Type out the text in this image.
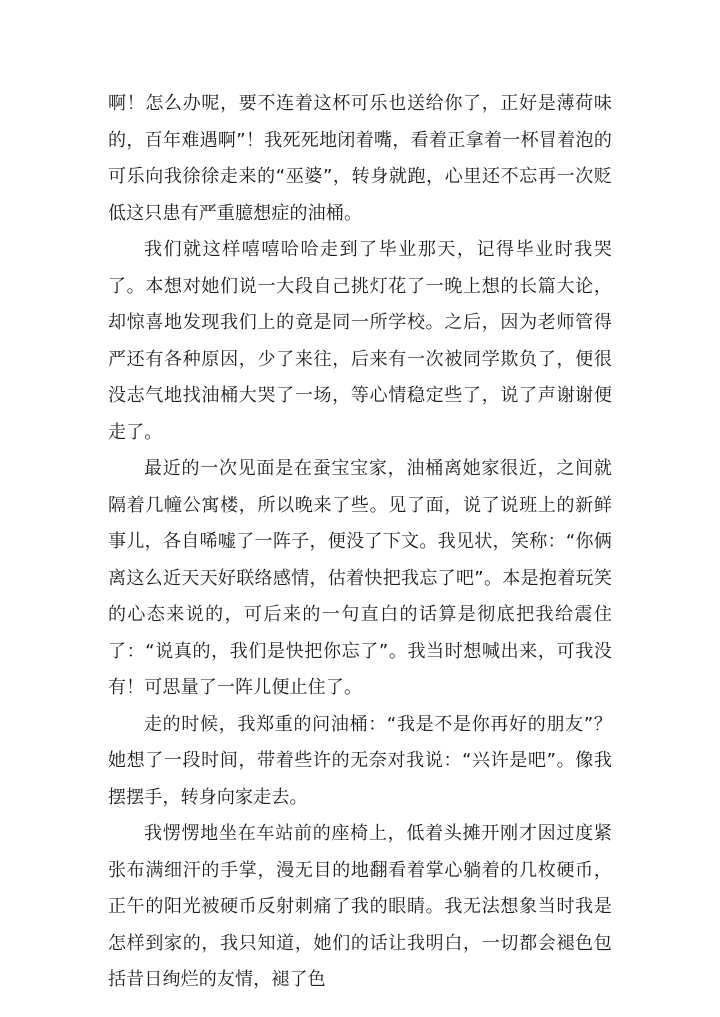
啊！怎么办呢，要不连着这杯可乐也送给你了，正好是薄荷味的，百年难遇啊”！我死死地闭着嘴，看着正拿着一杯冒着泡的可乐向我徐徐走来的“巫婆”，转身就跑，心里还不忘再一次贬低这只患有严重臆想症的油桶。

我们就这样嘻嘻哈哈走到了毕业那天，记得毕业时我哭了。本想对她们说一大段自己挑灯花了一晚上想的长篇大论，却惊喜地发现我们上的竟是同一所学校。之后，因为老师管得严还有各种原因，少了来往，后来有一次被同学欺负了，便很没志气地找油桶大哭了一场，等心情稳定些了，说了声谢谢便走了。

最近的一次见面是在蚕宝宝家，油桶离她家很近，之间就隔着几幢公寓楼，所以晚来了些。见了面，说了说班上的新鲜事儿，各自唏嘘了一阵子，便没了下文。我见状，笑称：“你俩离这么近天天好联络感情，估着快把我忘了吧”。本是抱着玩笑的心态来说的，可后来的一句直白的话算是彻底把我给震住了：“说真的，我们是快把你忘了”。我当时想喊出来，可我没有！可思量了一阵儿便止住了。

走的时候，我郑重的问油桶：“我是不是你再好的朋友”？她想了一段时间，带着些许的无奈对我说：“兴许是吧”。像我摆摆手，转身向家走去。

我愣愣地坐在车站前的座椅上，低着头摊开刚才因过度紧张布满细汗的手掌，漫无目的地翻看着掌心躺着的几枚硬币，正午的阳光被硬币反射刺痛了我的眼睛。我无法想象当时我是怎样到家的，我只知道，她们的话让我明白，一切都会褪色包括昔日绚烂的友情，褪了色
